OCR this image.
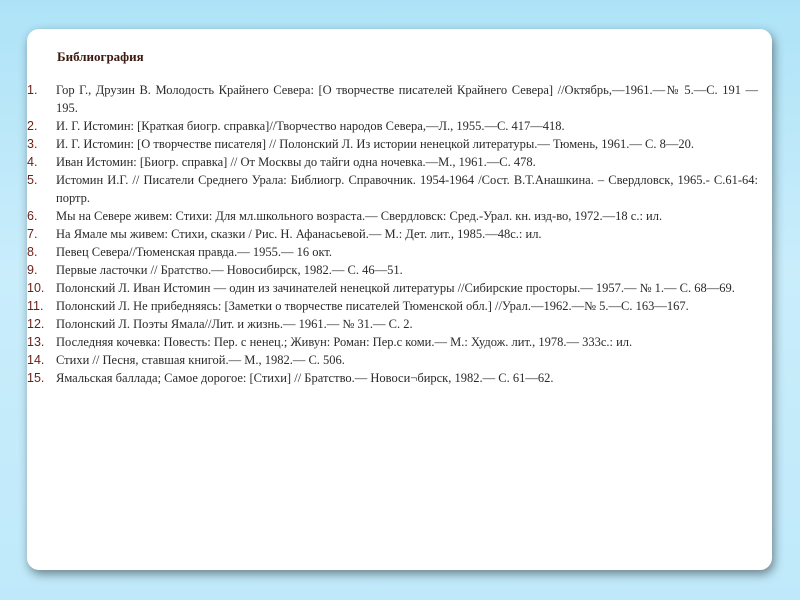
Библиография
1.	Гор Г., Друзин В. Молодость Крайнего Севера: [О творчестве писателей Крайнего Севера] //Октябрь,—1961.—№ 5.—С. 191 — 195.
2.	И. Г. Истомин: [Краткая биогр. справка]//Творчество народов Севера,—Л., 1955.—С. 417—418.
3.	И. Г. Истомин: [О творчестве писателя] // Полонский Л. Из истории ненецкой литературы.— Тюмень, 1961.— С. 8—20.
4.	Иван Истомин: [Биогр. справка] // От Москвы до тайги одна ночевка.—М., 1961.—С. 478.
5.	Истомин И.Г. // Писатели Среднего Урала: Библиогр. Справочник. 1954-1964 /Сост. В.Т.Анашкина. – Свердловск, 1965.- С.61-64: портр.
6.	Мы на Севере живем: Стихи: Для мл.школьного возраста.— Свердловск: Сред.-Урал. кн. изд-во, 1972.—18 с.: ил.
7.	На Ямале мы живем: Стихи, сказки / Рис. Н. Афанасьевой.— М.: Дет. лит., 1985.—48с.: ил.
8.	Певец Севера//Тюменская правда.— 1955.— 16 окт.
9.	Первые ласточки // Братство.— Новосибирск, 1982.— С. 46—51.
10. Полонский Л. Иван Истомин — один из зачинателей ненецкой литературы //Сибирские просторы.— 1957.— № 1.— С. 68—69.
11.	Полонский Л. Не прибедняясь: [Заметки о творчестве писателей Тюменской обл.] //Урал.—1962.—№ 5.—С. 163—167.
12. Полонский Л. Поэты Ямала//Лит. и жизнь.— 1961.— № 31.— С. 2.
13. Последняя кочевка: Повесть: Пер. с ненец.; Живун: Роман: Пер.с коми.— М.: Худож. лит., 1978.— 333с.: ил.
14. Стихи // Песня, ставшая книгой.— М., 1982.— С. 506.
15. Ямальская баллада; Самое дорогое: [Стихи] // Братство.— Новоси¬бирск, 1982.— С. 61—62.
